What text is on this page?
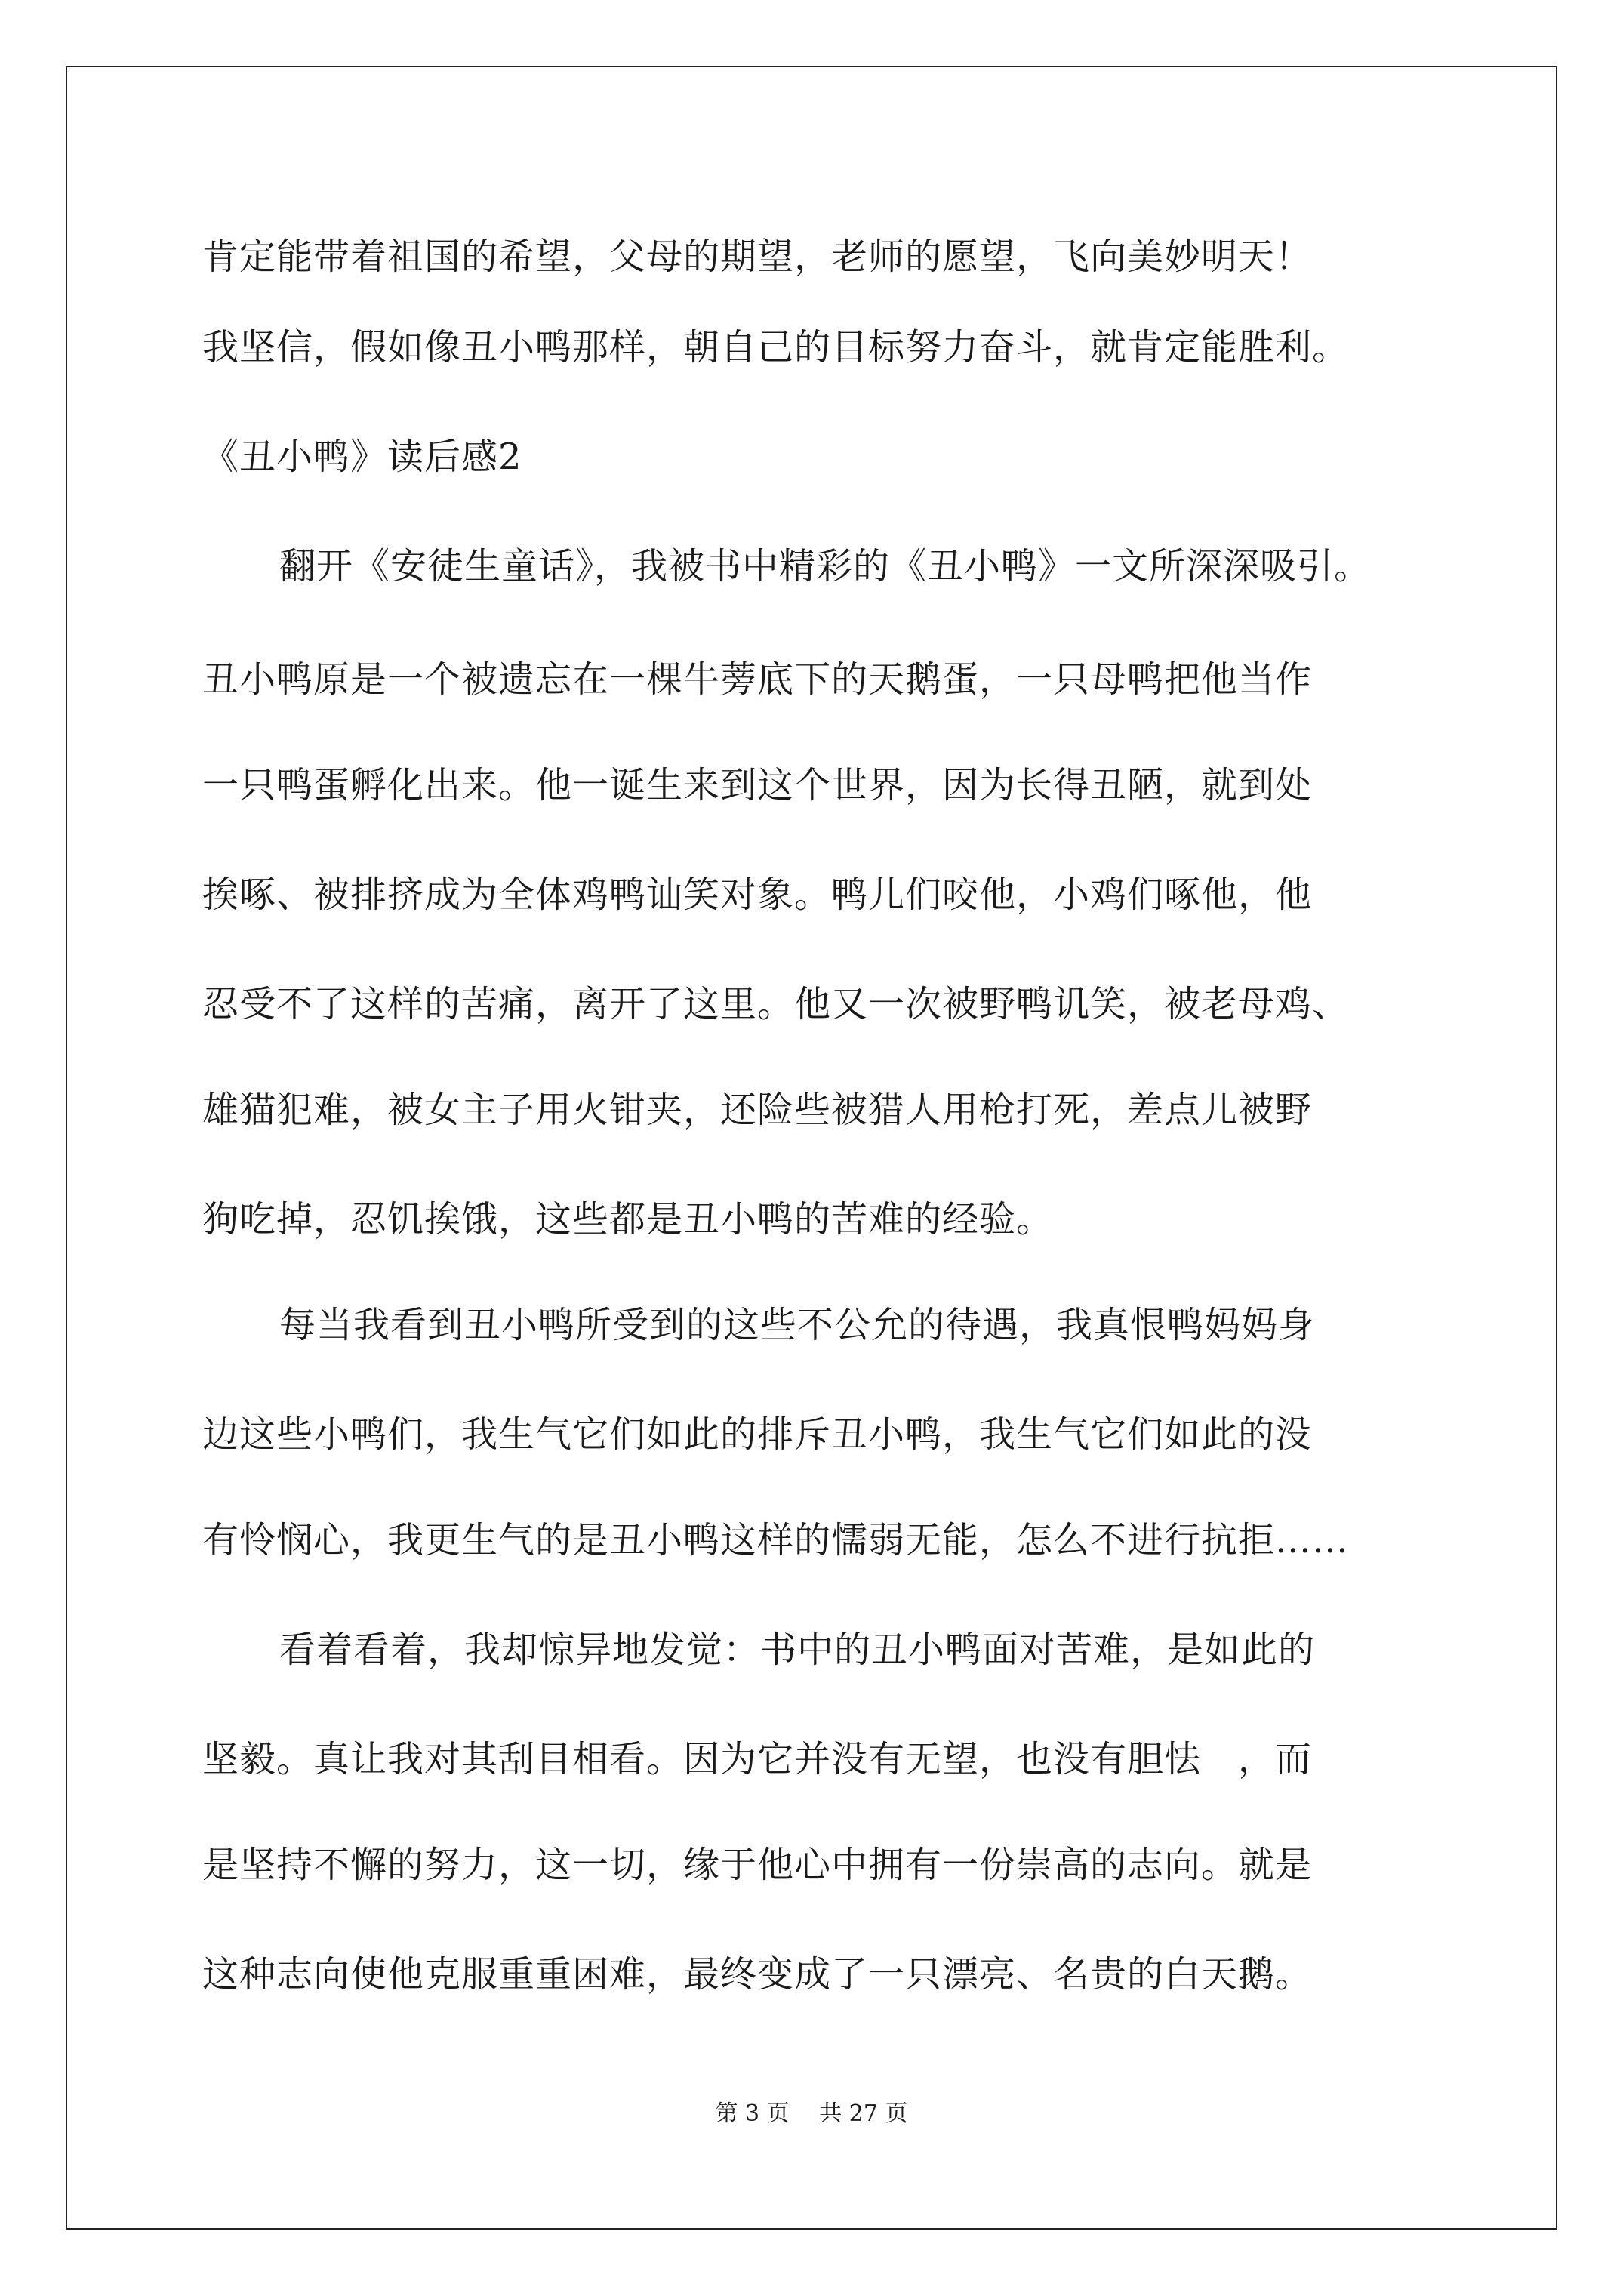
肯定能带着祖国的希望，父母的期望，老师的愿望，飞向美妙明天！
我坚信，假如像丑小鸭那样，朝自己的目标努力奋斗，就肯定能胜利。
《丑小鸭》读后感2
翻开《安徒生童话》，我被书中精彩的《丑小鸭》一文所深深吸引。
丑小鸭原是一个被遗忘在一棵牛蒡底下的天鹅蛋，一只母鸭把他当作
一只鸭蛋孵化出来。他一诞生来到这个世界，因为长得丑陋，就到处
挨啄、被排挤成为全体鸡鸭讪笑对象。鸭儿们咬他，小鸡们啄他，他
忍受不了这样的苦痛，离开了这里。他又一次被野鸭讥笑，被老母鸡、
雄猫犯难，被女主子用火钳夹，还险些被猎人用枪打死，差点儿被野
狗吃掉，忍饥挨饿，这些都是丑小鸭的苦难的经验。
每当我看到丑小鸭所受到的这些不公允的待遇，我真恨鸭妈妈身
边这些小鸭们，我生气它们如此的排斥丑小鸭，我生气它们如此的没
有怜悯心，我更生气的是丑小鸭这样的懦弱无能，怎么不进行抗拒……
看着看着，我却惊异地发觉：书中的丑小鸭面对苦难，是如此的
坚毅。真让我对其刮目相看。因为它并没有无望，也没有胆怯　，而
是坚持不懈的努力，这一切，缘于他心中拥有一份崇高的志向。就是
这种志向使他克服重重困难，最终变成了一只漂亮、名贵的白天鹅。
第 3 页　 共 27 页
